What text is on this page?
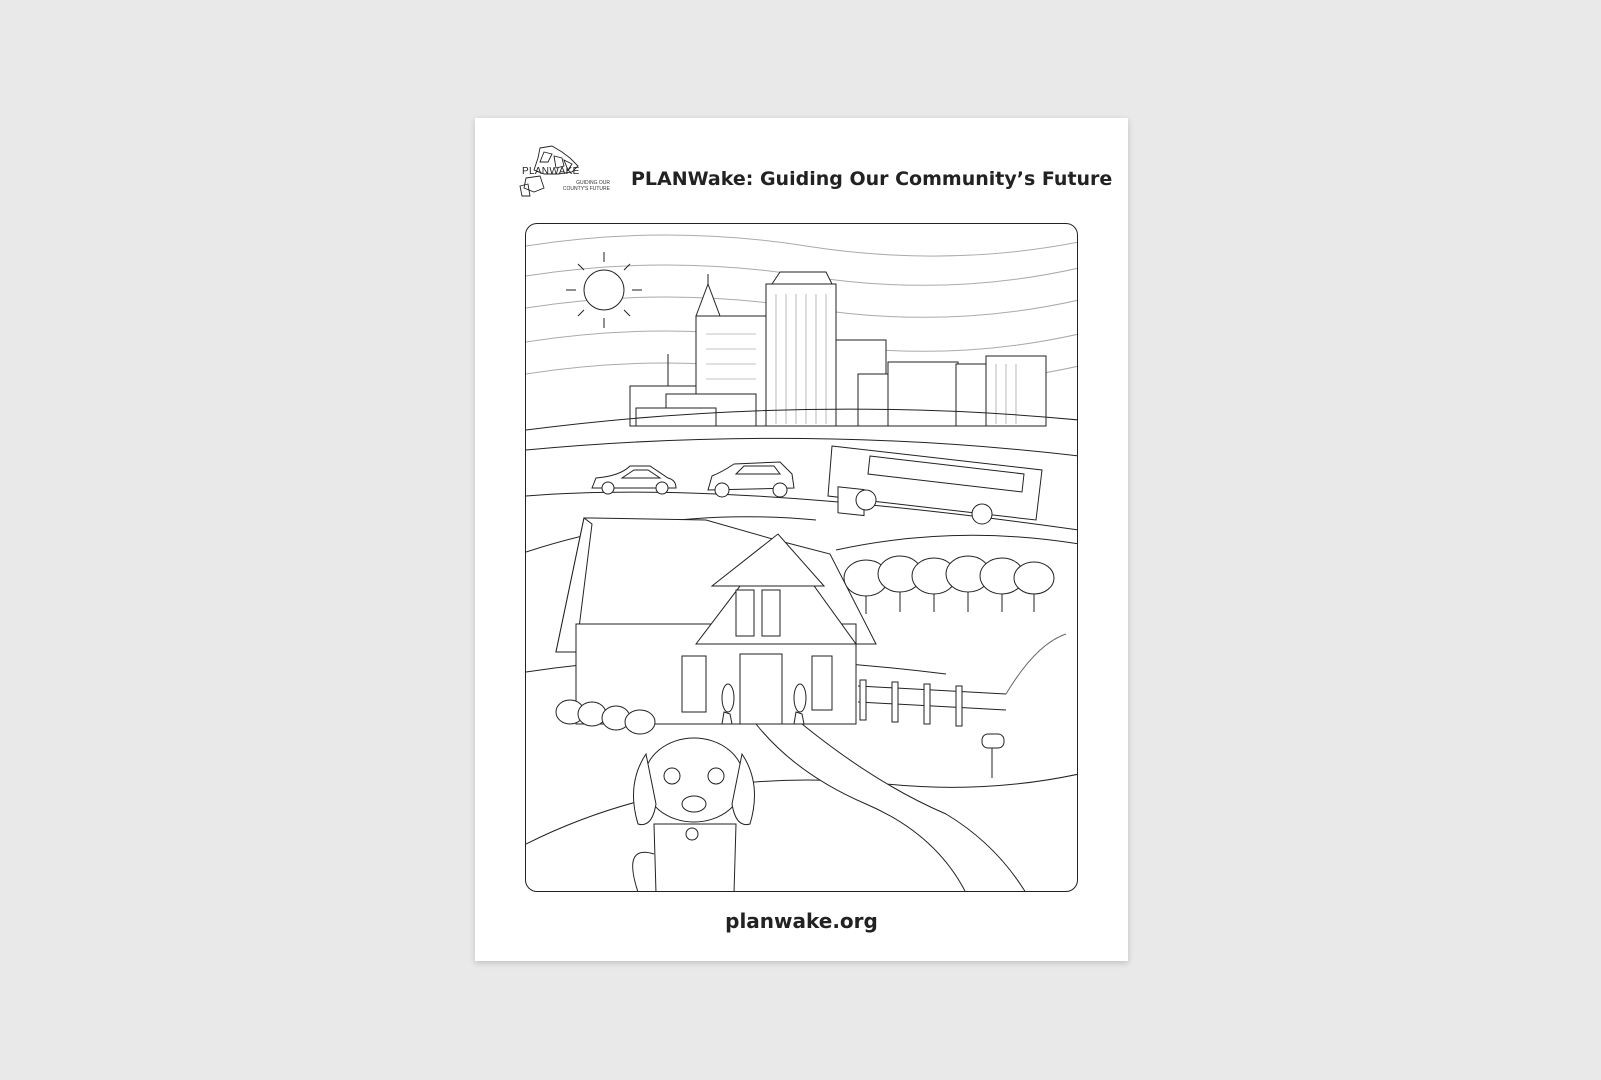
PLANWAKE
GUIDING OUR COUNTY'S FUTURE PLANWake: Guiding Our Community’s Future
planwake.org
